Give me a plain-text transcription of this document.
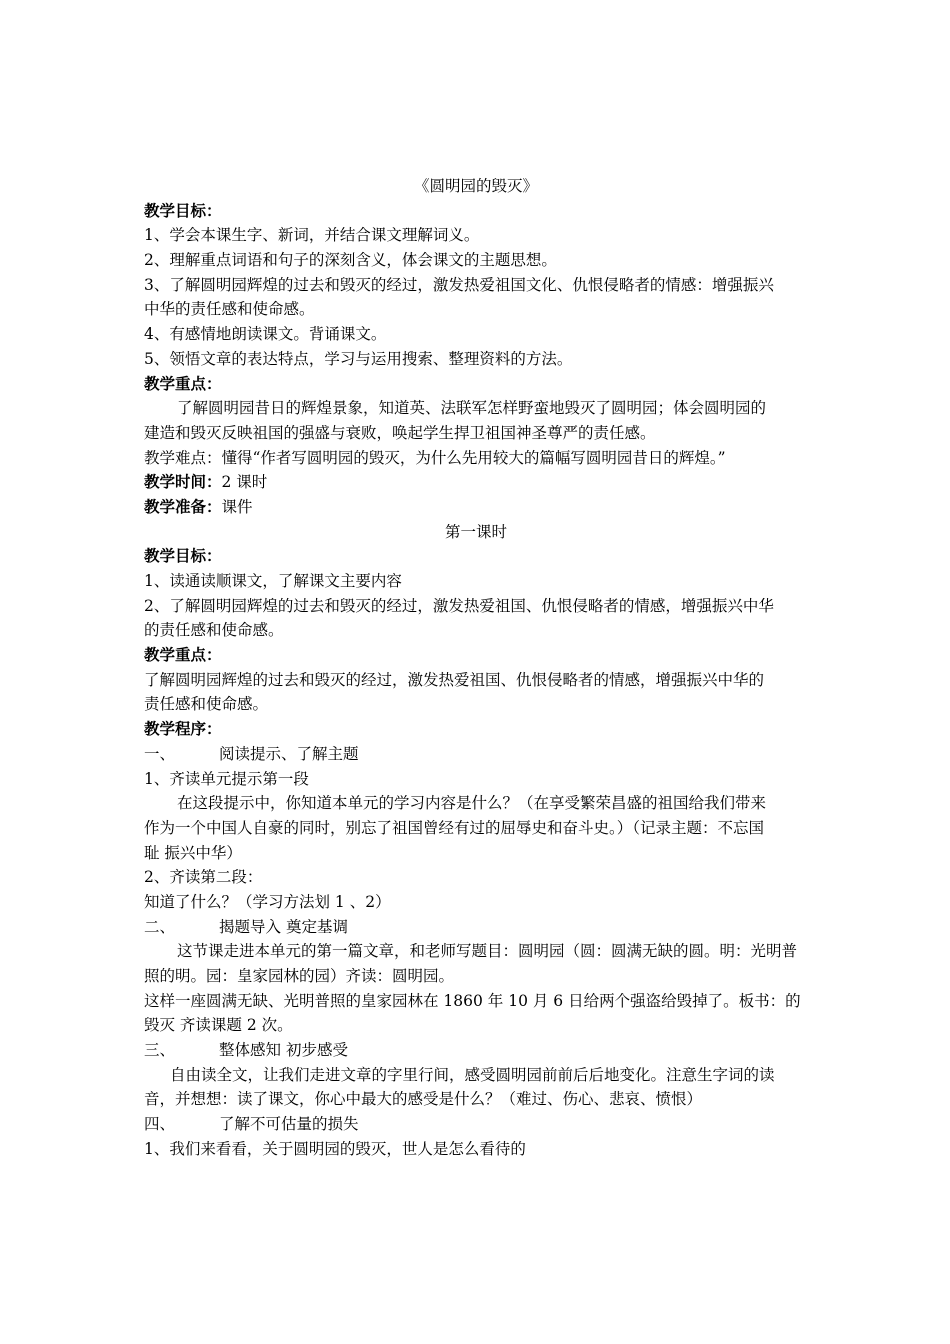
《圆明园的毁灭》
教学目标：
1、学会本课生字、新词，并结合课文理解词义。
2、理解重点词语和句子的深刻含义，体会课文的主题思想。
3、了解圆明园辉煌的过去和毁灭的经过，激发热爱祖国文化、仇恨侵略者的情感：增强振兴
中华的责任感和使命感。
4、有感情地朗读课文。背诵课文。
5、领悟文章的表达特点，学习与运用搜索、整理资料的方法。
教学重点：
了解圆明园昔日的辉煌景象，知道英、法联军怎样野蛮地毁灭了圆明园；体会圆明园的
建造和毁灭反映祖国的强盛与衰败，唤起学生捍卫祖国神圣尊严的责任感。
教学难点：懂得“作者写圆明园的毁灭，为什么先用较大的篇幅写圆明园昔日的辉煌。”
教学时间：2 课时
教学准备：课件
第一课时
教学目标：
1、读通读顺课文，了解课文主要内容
2、了解圆明园辉煌的过去和毁灭的经过，激发热爱祖国、仇恨侵略者的情感，增强振兴中华
的责任感和使命感。
教学重点：
了解圆明园辉煌的过去和毁灭的经过，激发热爱祖国、仇恨侵略者的情感，增强振兴中华的
责任感和使命感。
教学程序：
一、	阅读提示、了解主题
1、齐读单元提示第一段
在这段提示中，你知道本单元的学习内容是什么？（在享受繁荣昌盛的祖国给我们带来
作为一个中国人自豪的同时，别忘了祖国曾经有过的屈辱史和奋斗史。）（记录主题：不忘国
耻 振兴中华）
2、齐读第二段：
知道了什么？（学习方法划 1 、2）
二、	揭题导入 奠定基调
这节课走进本单元的第一篇文章，和老师写题目：圆明园（圆：圆满无缺的圆。明：光明普
照的明。园：皇家园林的园）齐读：圆明园。
这样一座圆满无缺、光明普照的皇家园林在 1860 年 10 月 6 日给两个强盗给毁掉了。板书：的
毁灭 齐读课题 2 次。
三、	整体感知 初步感受
自由读全文，让我们走进文章的字里行间，感受圆明园前前后后地变化。注意生字词的读
音，并想想：读了课文，你心中最大的感受是什么？（难过、伤心、悲哀、愤恨）
四、	了解不可估量的损失
1、我们来看看，关于圆明园的毁灭，世人是怎么看待的
